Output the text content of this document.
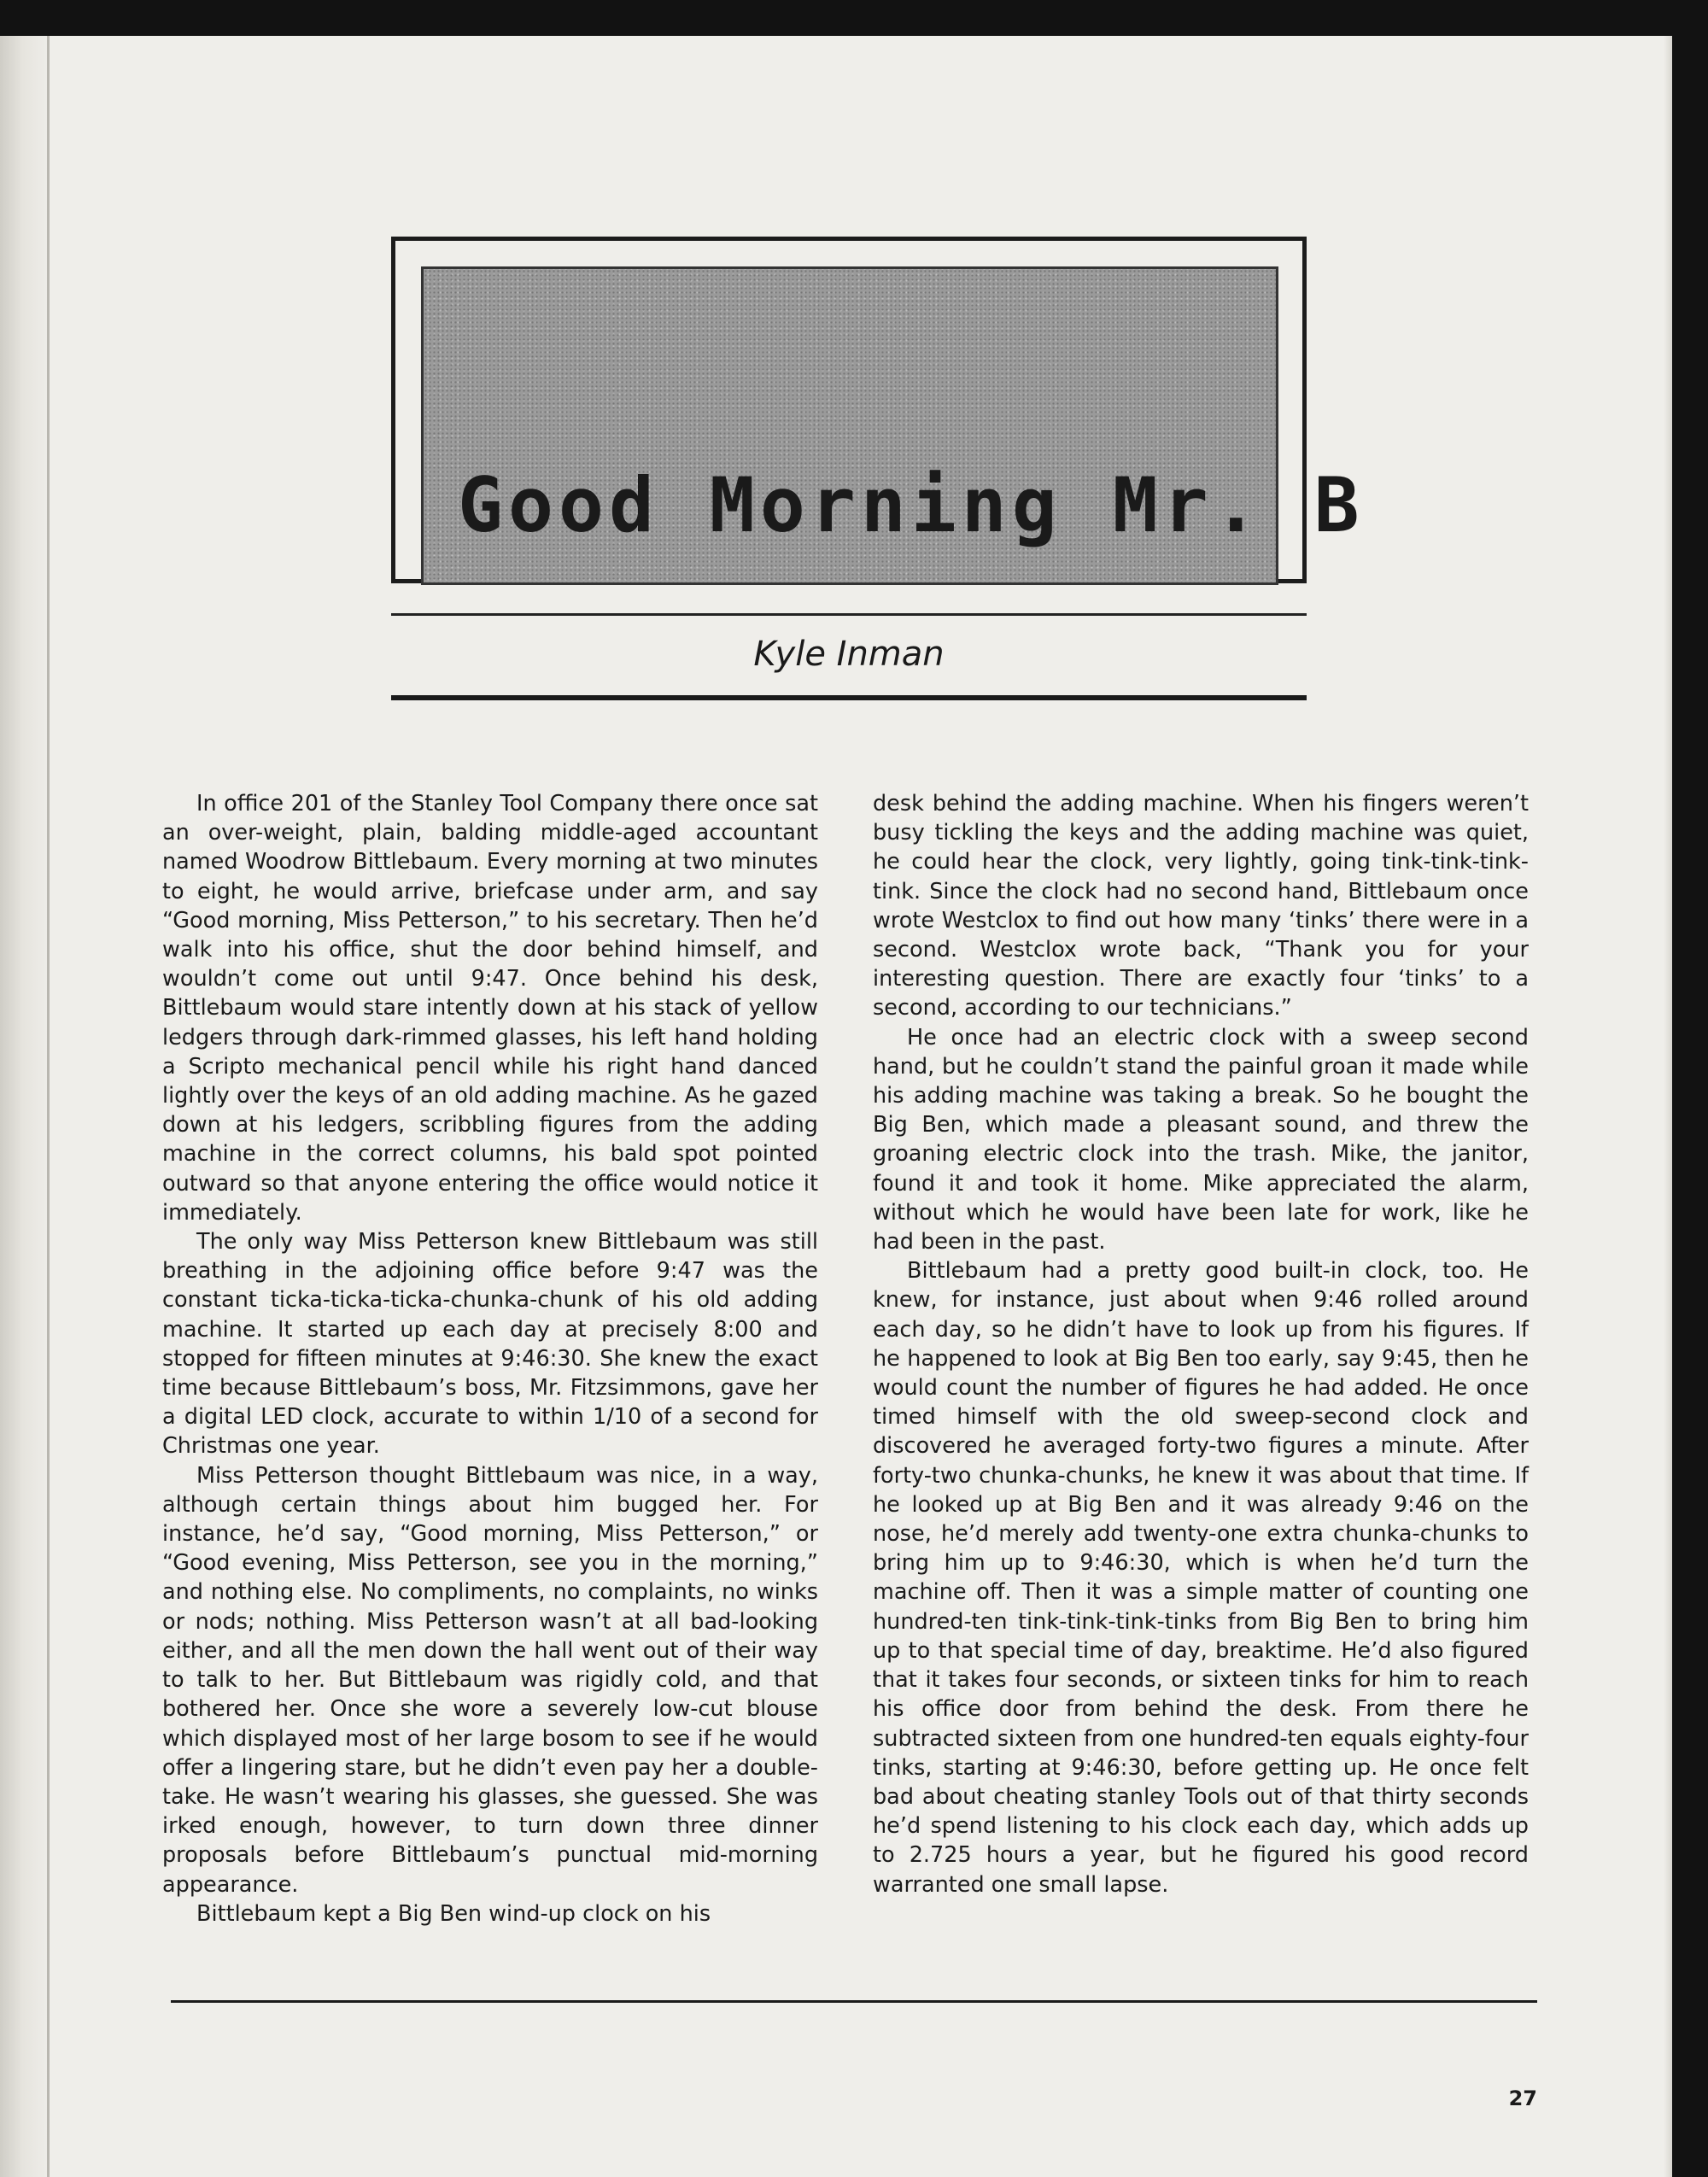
Good Morning Mr. B

Kyle Inman

In office 201 of the Stanley Tool Company there once sat an over-weight, plain, balding middle-aged accountant named Woodrow Bittlebaum. Every morning at two minutes to eight, he would arrive, briefcase under arm, and say “Good morning, Miss Petterson,” to his secretary. Then he’d walk into his office, shut the door behind himself, and wouldn’t come out until 9:47. Once behind his desk, Bittlebaum would stare intently down at his stack of yellow ledgers through dark-rimmed glasses, his left hand holding a Scripto mechanical pencil while his right hand danced lightly over the keys of an old adding machine. As he gazed down at his ledgers, scribbling figures from the adding machine in the correct columns, his bald spot pointed outward so that anyone entering the office would notice it immediately.

The only way Miss Petterson knew Bittlebaum was still breathing in the adjoining office before 9:47 was the constant ticka-ticka-ticka-chunka-chunk of his old adding machine. It started up each day at precisely 8:00 and stopped for fifteen minutes at 9:46:30. She knew the exact time because Bittlebaum’s boss, Mr. Fitzsimmons, gave her a digital LED clock, accurate to within 1/10 of a second for Christmas one year.

Miss Petterson thought Bittlebaum was nice, in a way, although certain things about him bugged her. For instance, he’d say, “Good morning, Miss Petterson,” or “Good evening, Miss Petterson, see you in the morning,” and nothing else. No compliments, no complaints, no winks or nods; nothing. Miss Petterson wasn’t at all bad-looking either, and all the men down the hall went out of their way to talk to her. But Bittlebaum was rigidly cold, and that bothered her. Once she wore a severely low-cut blouse which displayed most of her large bosom to see if he would offer a lingering stare, but he didn’t even pay her a double-take. He wasn’t wearing his glasses, she guessed. She was irked enough, however, to turn down three dinner proposals before Bittlebaum’s punctual mid-morning appearance.

Bittlebaum kept a Big Ben wind-up clock on his

desk behind the adding machine. When his fingers weren’t busy tickling the keys and the adding machine was quiet, he could hear the clock, very lightly, going tink-tink-tink-tink. Since the clock had no second hand, Bittlebaum once wrote Westclox to find out how many ‘tinks’ there were in a second. Westclox wrote back, “Thank you for your interesting question. There are exactly four ‘tinks’ to a second, according to our technicians.”

He once had an electric clock with a sweep second hand, but he couldn’t stand the painful groan it made while his adding machine was taking a break. So he bought the Big Ben, which made a pleasant sound, and threw the groaning electric clock into the trash. Mike, the janitor, found it and took it home. Mike appreciated the alarm, without which he would have been late for work, like he had been in the past.

Bittlebaum had a pretty good built-in clock, too. He knew, for instance, just about when 9:46 rolled around each day, so he didn’t have to look up from his figures. If he happened to look at Big Ben too early, say 9:45, then he would count the number of figures he had added. He once timed himself with the old sweep-second clock and discovered he averaged forty-two figures a minute. After forty-two chunka-chunks, he knew it was about that time. If he looked up at Big Ben and it was already 9:46 on the nose, he’d merely add twenty-one extra chunka-chunks to bring him up to 9:46:30, which is when he’d turn the machine off. Then it was a simple matter of counting one hundred-ten tink-tink-tink-tinks from Big Ben to bring him up to that special time of day, breaktime. He’d also figured that it takes four seconds, or sixteen tinks for him to reach his office door from behind the desk. From there he subtracted sixteen from one hundred-ten equals eighty-four tinks, starting at 9:46:30, before getting up. He once felt bad about cheating stanley Tools out of that thirty seconds he’d spend listening to his clock each day, which adds up to 2.725 hours a year, but he figured his good record warranted one small lapse.

27
